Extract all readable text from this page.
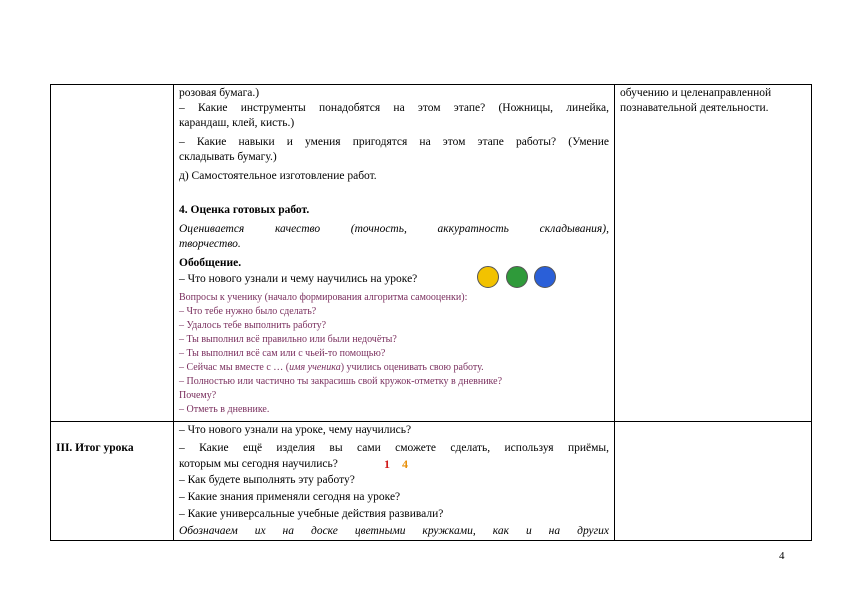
обучению и целенаправленной
познавательной деятельности.
розовая бумага.)
– Какие инструменты понадобятся на этом этапе? (Ножницы, линейка,
карандаш, клей, кисть.)
– Какие навыки и умения пригодятся на этом этапе работы? (Умение
складывать бумагу.)
д) Самостоятельное изготовление работ.
4. Оценка готовых работ.
Оценивается качество (точность, аккуратность складывания),
творчество.
Обобщение.
– Что нового узнали и чему научились на уроке?
Вопросы к ученику (начало формирования алгоритма самооценки):
– Что тебе нужно было сделать?
– Удалось тебе выполнить работу?
– Ты выполнил всё правильно или были недочёты?
– Ты выполнил всё сам или с чьей-то помощью?
– Сейчас мы вместе с … (имя ученика) учились оценивать свою работу.
– Полностью или частично ты закрасишь свой кружок-отметку в дневнике?
Почему?
– Отметь в дневнике.
III. Итог урока
– Что нового узнали на уроке, чему научились?
– Какие ещё изделия вы сами сможете сделать, используя приёмы,
которым мы сегодня научились?	1 4
– Как будете выполнять эту работу?
– Какие знания применяли сегодня на уроке?
– Какие универсальные учебные действия развивали?
Обозначаем их на доске цветными кружками, как и на других
4
